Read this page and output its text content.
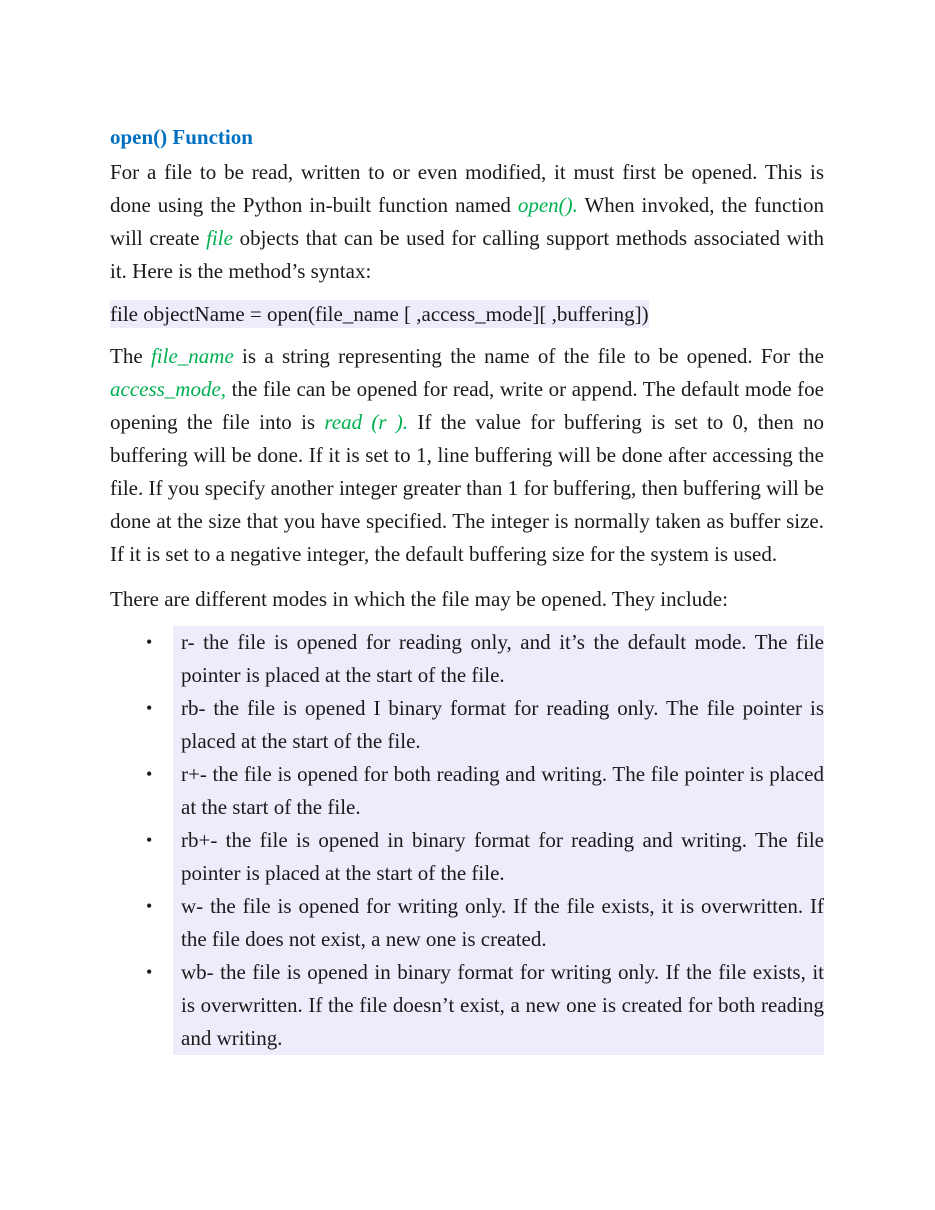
open() Function

For a file to be read, written to or even modified, it must first be opened. This is done using the Python in-built function named open(). When invoked, the function will create file objects that can be used for calling support methods associated with it. Here is the method’s syntax:

file objectName = open(file_name [ ,access_mode][ ,buffering])

The file_name is a string representing the name of the file to be opened. For the access_mode, the file can be opened for read, write or append. The default mode foe opening the file into is read (r ). If the value for buffering is set to 0, then no buffering will be done. If it is set to 1, line buffering will be done after accessing the file. If you specify another integer greater than 1 for buffering, then buffering will be done at the size that you have specified. The integer is normally taken as buffer size. If it is set to a negative integer, the default buffering size for the system is used.

There are different modes in which the file may be opened. They include:

• r- the file is opened for reading only, and it’s the default mode. The file pointer is placed at the start of the file.
• rb- the file is opened I binary format for reading only. The file pointer is placed at the start of the file.
• r+- the file is opened for both reading and writing. The file pointer is placed at the start of the file.
• rb+- the file is opened in binary format for reading and writing. The file pointer is placed at the start of the file.
• w- the file is opened for writing only. If the file exists, it is overwritten. If the file does not exist, a new one is created.
• wb- the file is opened in binary format for writing only. If the file exists, it is overwritten. If the file doesn’t exist, a new one is created for both reading and writing.
